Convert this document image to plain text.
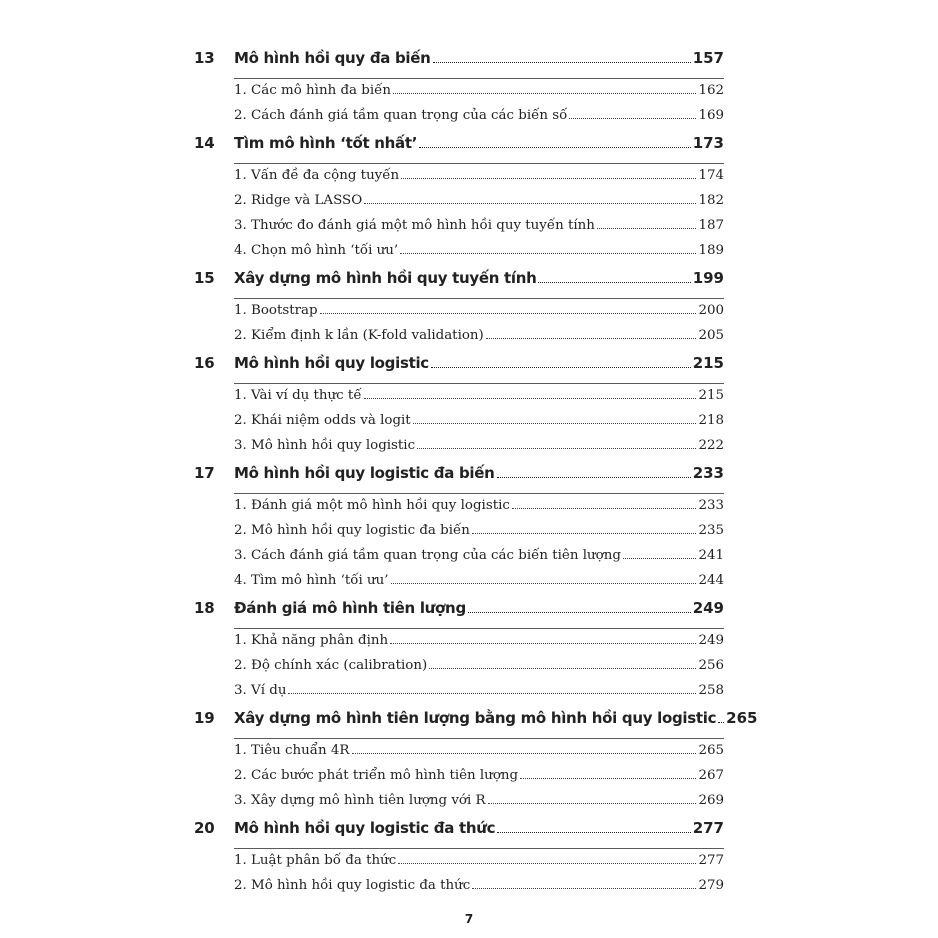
13	Mô hình hồi quy đa biến	157
1. Các mô hình đa biến	162
2. Cách đánh giá tầm quan trọng của các biến số	169
14	Tìm mô hình ‘tốt nhất’	173
1. Vấn đề đa cộng tuyến	174
2. Ridge và LASSO	182
3. Thước đo đánh giá một mô hình hồi quy tuyến tính	187
4. Chọn mô hình ‘tối ưu’	189
15	Xây dựng mô hình hồi quy tuyến tính	199
1. Bootstrap	200
2. Kiểm định k lần (K-fold validation)	205
16	Mô hình hồi quy logistic	215
1. Vài ví dụ thực tế	215
2. Khái niệm odds và logit	218
3. Mô hình hồi quy logistic	222
17	Mô hình hồi quy logistic đa biến	233
1. Đánh giá một mô hình hồi quy logistic	233
2. Mô hình hồi quy logistic đa biến	235
3. Cách đánh giá tầm quan trọng của các biến tiên lượng	241
4. Tìm mô hình ‘tối ưu’	244
18	Đánh giá mô hình tiên lượng	249
1. Khả năng phân định	249
2. Độ chính xác (calibration)	256
3. Ví dụ	258
19	Xây dựng mô hình tiên lượng bằng mô hình hồi quy logistic 265
1. Tiêu chuẩn 4R	265
2. Các bước phát triển mô hình tiên lượng	267
3. Xây dựng mô hình tiên lượng với R	269
20	Mô hình hồi quy logistic đa thức	277
1. Luật phân bố đa thức	277
2. Mô hình hồi quy logistic đa thức	279
7
